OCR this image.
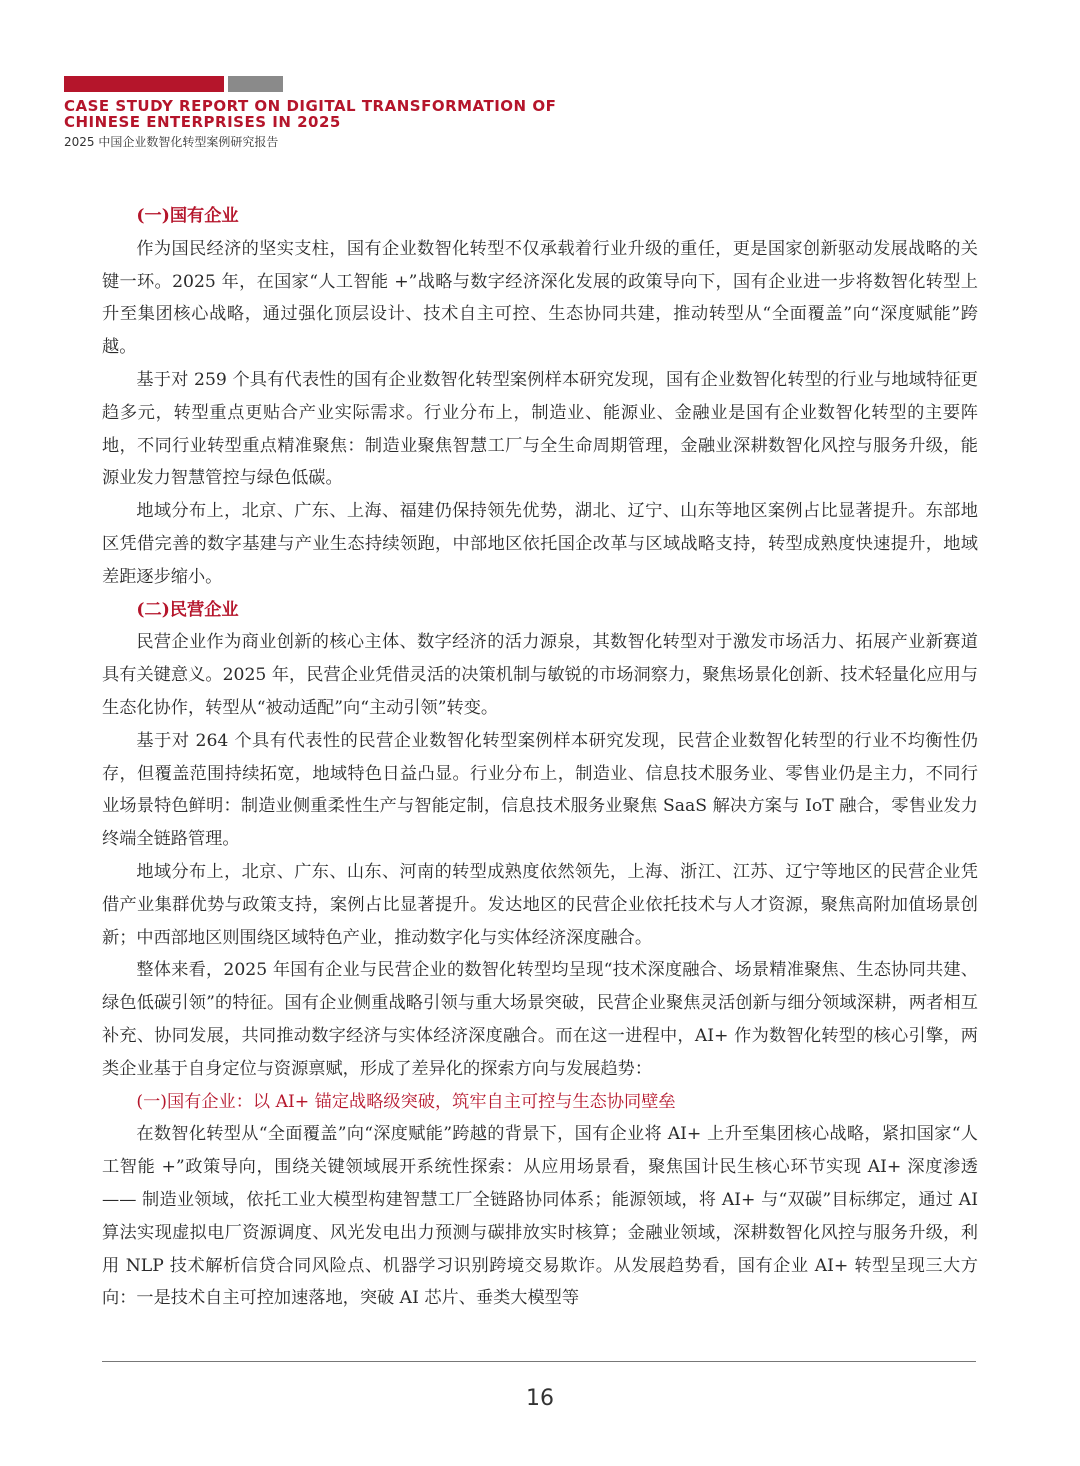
CASE STUDY REPORT ON DIGITAL TRANSFORMATION OF
CHINESE ENTERPRISES IN 2025
2025 中国企业数智化转型案例研究报告
(一)国有企业

作为国民经济的坚实支柱，国有企业数智化转型不仅承载着行业升级的重任，更是国家创新驱动发展战略的关键一环。2025 年，在国家“人工智能 +”战略与数字经济深化发展的政策导向下，国有企业进一步将数智化转型上升至集团核心战略，通过强化顶层设计、技术自主可控、生态协同共建，推动转型从“全面覆盖”向“深度赋能”跨越。

基于对 259 个具有代表性的国有企业数智化转型案例样本研究发现，国有企业数智化转型的行业与地域特征更趋多元，转型重点更贴合产业实际需求。行业分布上，制造业、能源业、金融业是国有企业数智化转型的主要阵地，不同行业转型重点精准聚焦：制造业聚焦智慧工厂与全生命周期管理，金融业深耕数智化风控与服务升级，能源业发力智慧管控与绿色低碳。

地域分布上，北京、广东、上海、福建仍保持领先优势，湖北、辽宁、山东等地区案例占比显著提升。东部地区凭借完善的数字基建与产业生态持续领跑，中部地区依托国企改革与区域战略支持，转型成熟度快速提升，地域差距逐步缩小。

(二)民营企业

民营企业作为商业创新的核心主体、数字经济的活力源泉，其数智化转型对于激发市场活力、拓展产业新赛道具有关键意义。2025 年，民营企业凭借灵活的决策机制与敏锐的市场洞察力，聚焦场景化创新、技术轻量化应用与生态化协作，转型从“被动适配”向“主动引领”转变。

基于对 264 个具有代表性的民营企业数智化转型案例样本研究发现，民营企业数智化转型的行业不均衡性仍存，但覆盖范围持续拓宽，地域特色日益凸显。行业分布上，制造业、信息技术服务业、零售业仍是主力，不同行业场景特色鲜明：制造业侧重柔性生产与智能定制，信息技术服务业聚焦 SaaS 解决方案与 IoT 融合，零售业发力终端全链路管理。

地域分布上，北京、广东、山东、河南的转型成熟度依然领先，上海、浙江、江苏、辽宁等地区的民营企业凭借产业集群优势与政策支持，案例占比显著提升。发达地区的民营企业依托技术与人才资源，聚焦高附加值场景创新；中西部地区则围绕区域特色产业，推动数字化与实体经济深度融合。

整体来看，2025 年国有企业与民营企业的数智化转型均呈现“技术深度融合、场景精准聚焦、生态协同共建、绿色低碳引领”的特征。国有企业侧重战略引领与重大场景突破，民营企业聚焦灵活创新与细分领域深耕，两者相互补充、协同发展，共同推动数字经济与实体经济深度融合。而在这一进程中，AI+ 作为数智化转型的核心引擎，两类企业基于自身定位与资源禀赋，形成了差异化的探索方向与发展趋势：

(一)国有企业：以 AI+ 锚定战略级突破，筑牢自主可控与生态协同壁垒

在数智化转型从“全面覆盖”向“深度赋能”跨越的背景下，国有企业将 AI+ 上升至集团核心战略，紧扣国家“人工智能 +”政策导向，围绕关键领域展开系统性探索：从应用场景看，聚焦国计民生核心环节实现 AI+ 深度渗透 —— 制造业领域，依托工业大模型构建智慧工厂全链路协同体系；能源领域，将 AI+ 与“双碳”目标绑定，通过 AI 算法实现虚拟电厂资源调度、风光发电出力预测与碳排放实时核算；金融业领域，深耕数智化风控与服务升级，利用 NLP 技术解析信贷合同风险点、机器学习识别跨境交易欺诈。从发展趋势看，国有企业 AI+ 转型呈现三大方向：一是技术自主可控加速落地，突破 AI 芯片、垂类大模型等

16
